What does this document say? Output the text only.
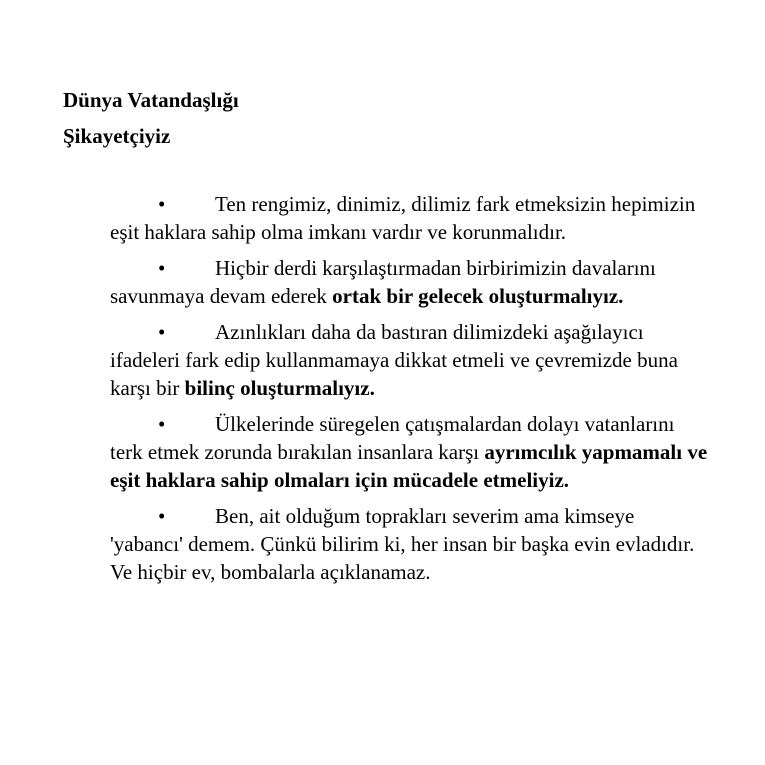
Dünya Vatandaşlığı
Şikayetçiyiz
• Ten rengimiz, dinimiz, dilimiz fark etmeksizin hepimizin eşit haklara sahip olma imkanı vardır ve korunmalıdır.
• Hiçbir derdi karşılaştırmadan birbirimizin davalarını savunmaya devam ederek ortak bir gelecek oluşturmalıyız.
• Azınlıkları daha da bastıran dilimizdeki aşağılayıcı ifadeleri fark edip kullanmamaya dikkat etmeli ve çevremizde buna karşı bir bilinç oluşturmalıyız.
• Ülkelerinde süregelen çatışmalardan dolayı vatanlarını terk etmek zorunda bırakılan insanlara karşı ayrımcılık yapmamalı ve eşit haklara sahip olmaları için mücadele etmeliyiz.
• Ben, ait olduğum toprakları severim ama kimseye 'yabancı' demem. Çünkü bilirim ki, her insan bir başka evin evladıdır. Ve hiçbir ev, bombalarla açıklanamaz.
